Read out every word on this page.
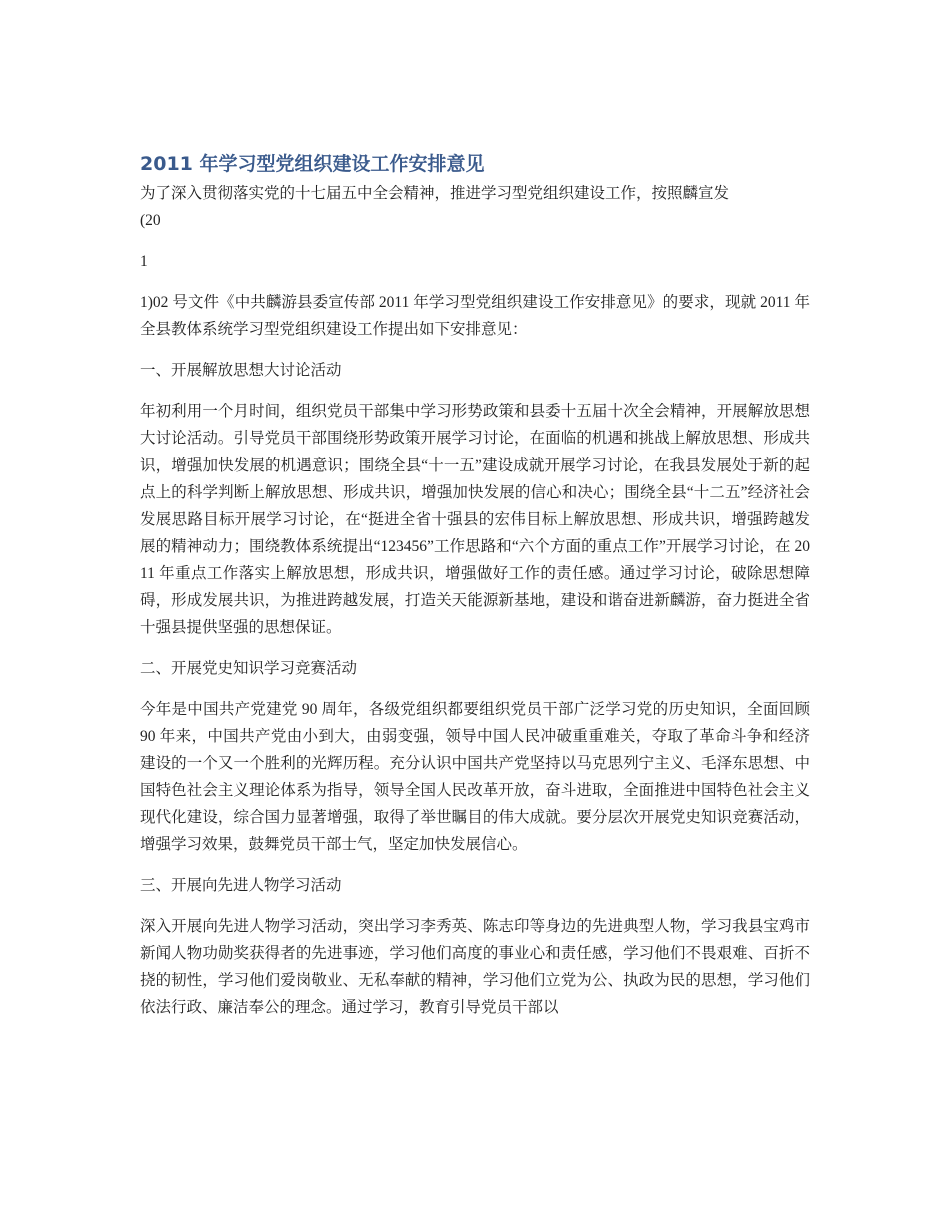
2011 年学习型党组织建设工作安排意见

为了深入贯彻落实党的十七届五中全会精神，推进学习型党组织建设工作，按照麟宣发

(20

1

1)02 号文件《中共麟游县委宣传部 2011 年学习型党组织建设工作安排意见》的要求，现就 2011 年全县教体系统学习型党组织建设工作提出如下安排意见：

一、开展解放思想大讨论活动

年初利用一个月时间，组织党员干部集中学习形势政策和县委十五届十次全会精神，开展解放思想大讨论活动。引导党员干部围绕形势政策开展学习讨论，在面临的机遇和挑战上解放思想、形成共识，增强加快发展的机遇意识；围绕全县“十一五”建设成就开展学习讨论，在我县发展处于新的起点上的科学判断上解放思想、形成共识，增强加快发展的信心和决心；围绕全县“十二五”经济社会发展思路目标开展学习讨论，在“挺进全省十强县的宏伟目标上解放思想、形成共识，增强跨越发展的精神动力；围绕教体系统提出“123456”工作思路和“六个方面的重点工作”开展学习讨论，在 2011 年重点工作落实上解放思想，形成共识，增强做好工作的责任感。通过学习讨论，破除思想障碍，形成发展共识，为推进跨越发展，打造关天能源新基地，建设和谐奋进新麟游，奋力挺进全省十强县提供坚强的思想保证。

二、开展党史知识学习竞赛活动

今年是中国共产党建党 90 周年，各级党组织都要组织党员干部广泛学习党的历史知识，全面回顾 90 年来，中国共产党由小到大，由弱变强，领导中国人民冲破重重难关，夺取了革命斗争和经济建设的一个又一个胜利的光辉历程。充分认识中国共产党坚持以马克思列宁主义、毛泽东思想、中国特色社会主义理论体系为指导，领导全国人民改革开放，奋斗进取，全面推进中国特色社会主义现代化建设，综合国力显著增强，取得了举世瞩目的伟大成就。要分层次开展党史知识竞赛活动，增强学习效果，鼓舞党员干部士气，坚定加快发展信心。

三、开展向先进人物学习活动

深入开展向先进人物学习活动，突出学习李秀英、陈志印等身边的先进典型人物，学习我县宝鸡市新闻人物功勋奖获得者的先进事迹，学习他们高度的事业心和责任感，学习他们不畏艰难、百折不挠的韧性，学习他们爱岗敬业、无私奉献的精神，学习他们立党为公、执政为民的思想，学习他们依法行政、廉洁奉公的理念。通过学习，教育引导党员干部以
